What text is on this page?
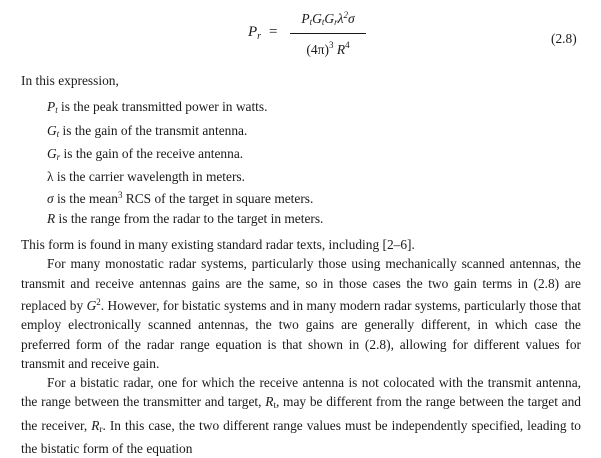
$P_r$ =
$P_tG_tG_r\lambda^2\sigma$
$(4\pi)^3$ $R^4$	(2.8)

In this expression,

$P_t$ is the peak transmitted power in watts.
$G_t$ is the gain of the transmit antenna.
$G_r$ is the gain of the receive antenna.
λ is the carrier wavelength in meters.
σ is the mean$^3$ RCS of the target in square meters.
R is the range from the radar to the target in meters.

This form is found in many existing standard radar texts, including [2–6].

For many monostatic radar systems, particularly those using mechanically scanned antennas, the transmit and receive antennas gains are the same, so in those cases the two gain terms in (2.8) are replaced by $G^2$. However, for bistatic systems and in many modern radar systems, particularly those that employ electronically scanned antennas, the two gains are generally different, in which case the preferred form of the radar range equation is that shown in (2.8), allowing for different values for transmit and receive gain.

For a bistatic radar, one for which the receive antenna is not colocated with the transmit antenna, the range between the transmitter and target, $R_t$, may be different from the range between the target and the receiver, $R_r$. In this case, the two different range values must be independently specified, leading to the bistatic form of the equation
